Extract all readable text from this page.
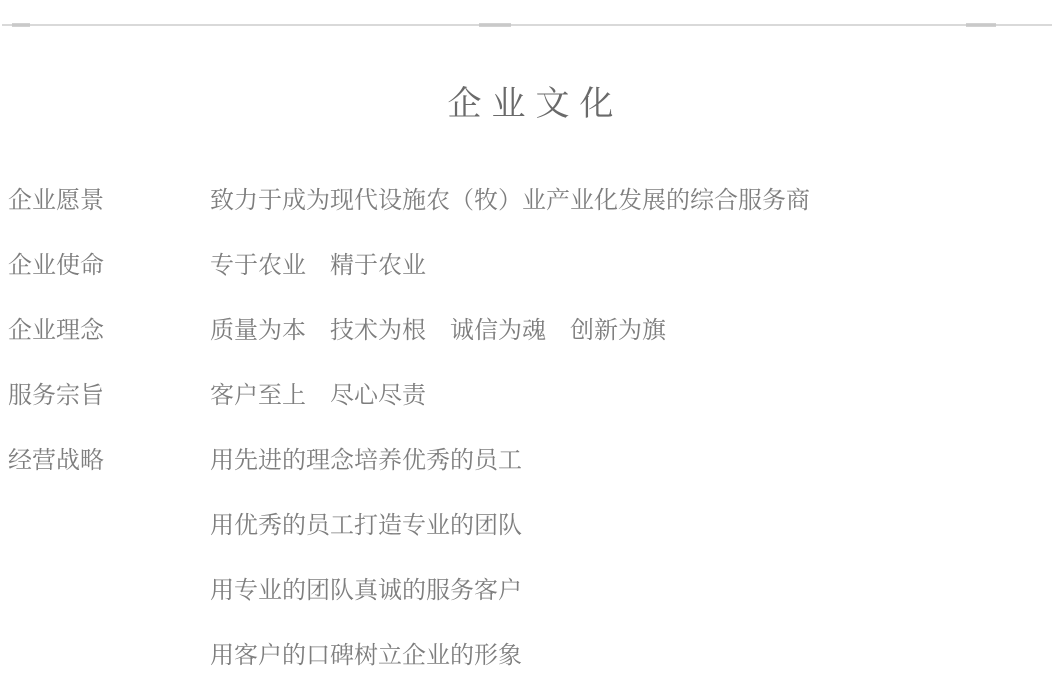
企业文化
企业愿景	致力于成为现代设施农（牧）业产业化发展的综合服务商
企业使命	专于农业　精于农业
企业理念	质量为本　技术为根　诚信为魂　创新为旗
服务宗旨	客户至上　尽心尽责
经营战略	用先进的理念培养优秀的员工
用优秀的员工打造专业的团队
用专业的团队真诚的服务客户
用客户的口碑树立企业的形象
